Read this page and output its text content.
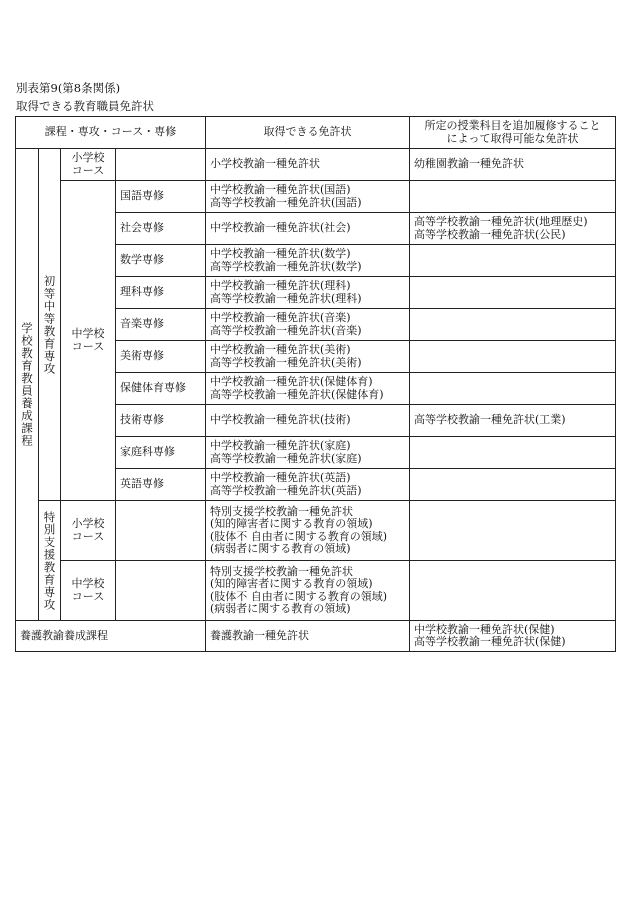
別表第9(第8条関係)
取得できる教育職員免許状
課程・専攻・コース・専修				取得できる免許状	所定の授業科目を追加履修すること
によって取得可能な免許状

学校教育教員養成課程	初等中等教育専攻	小学校
コース		小学校教諭一種免許状	幼稚園教諭一種免許状

		中学校
コース	国語専修	中学校教諭一種免許状(国語)
高等学校教諭一種免許状(国語)	

			社会専修	中学校教諭一種免許状(社会)	高等学校教諭一種免許状(地理歴史)
高等学校教諭一種免許状(公民)

			数学専修	中学校教諭一種免許状(数学)
高等学校教諭一種免許状(数学)	

			理科専修	中学校教諭一種免許状(理科)
高等学校教諭一種免許状(理科)	

			音楽専修	中学校教諭一種免許状(音楽)
高等学校教諭一種免許状(音楽)	

			美術専修	中学校教諭一種免許状(美術)
高等学校教諭一種免許状(美術)	

			保健体育専修	中学校教諭一種免許状(保健体育)
高等学校教諭一種免許状(保健体育)	

			技術専修	中学校教諭一種免許状(技術)	高等学校教諭一種免許状(工業)

			家庭科専修	中学校教諭一種免許状(家庭)
高等学校教諭一種免許状(家庭)	

			英語専修	中学校教諭一種免許状(英語)
高等学校教諭一種免許状(英語)	

	特別支援教育専攻	小学校
コース		特別支援学校教諭一種免許状
(知的障害者に関する教育の領域)
(肢体不 自由者に関する教育の領域)
(病弱者に関する教育の領域)	

		中学校
コース		特別支援学校教諭一種免許状
(知的障害者に関する教育の領域)
(肢体不 自由者に関する教育の領域)
(病弱者に関する教育の領域)	

養護教諭養成課程				養護教諭一種免許状	中学校教諭一種免許状(保健)
高等学校教諭一種免許状(保健)
